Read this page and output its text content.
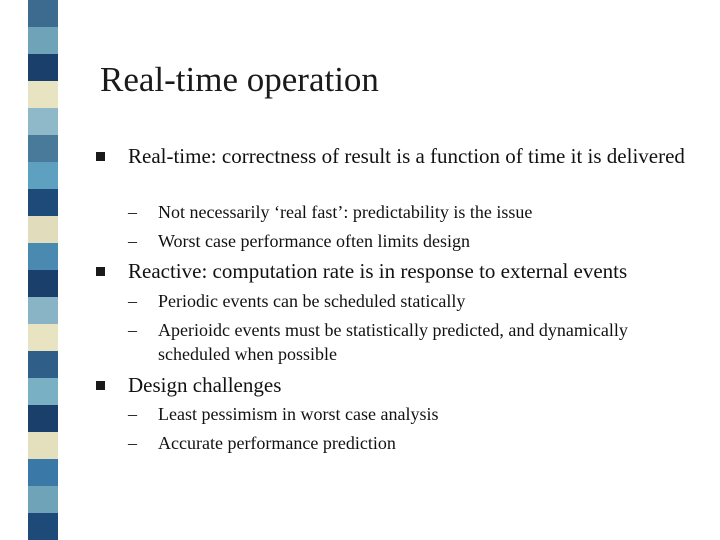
Real-time operation
Real-time: correctness of result is a function of time it is delivered
– Not necessarily ‘real fast’: predictability is the issue
– Worst case performance often limits design
Reactive: computation rate is in response to external events
– Periodic events can be scheduled statically
– Aperioidc events must be statistically predicted, and dynamically scheduled when possible
Design challenges
– Least pessimism in worst case analysis
– Accurate performance prediction
